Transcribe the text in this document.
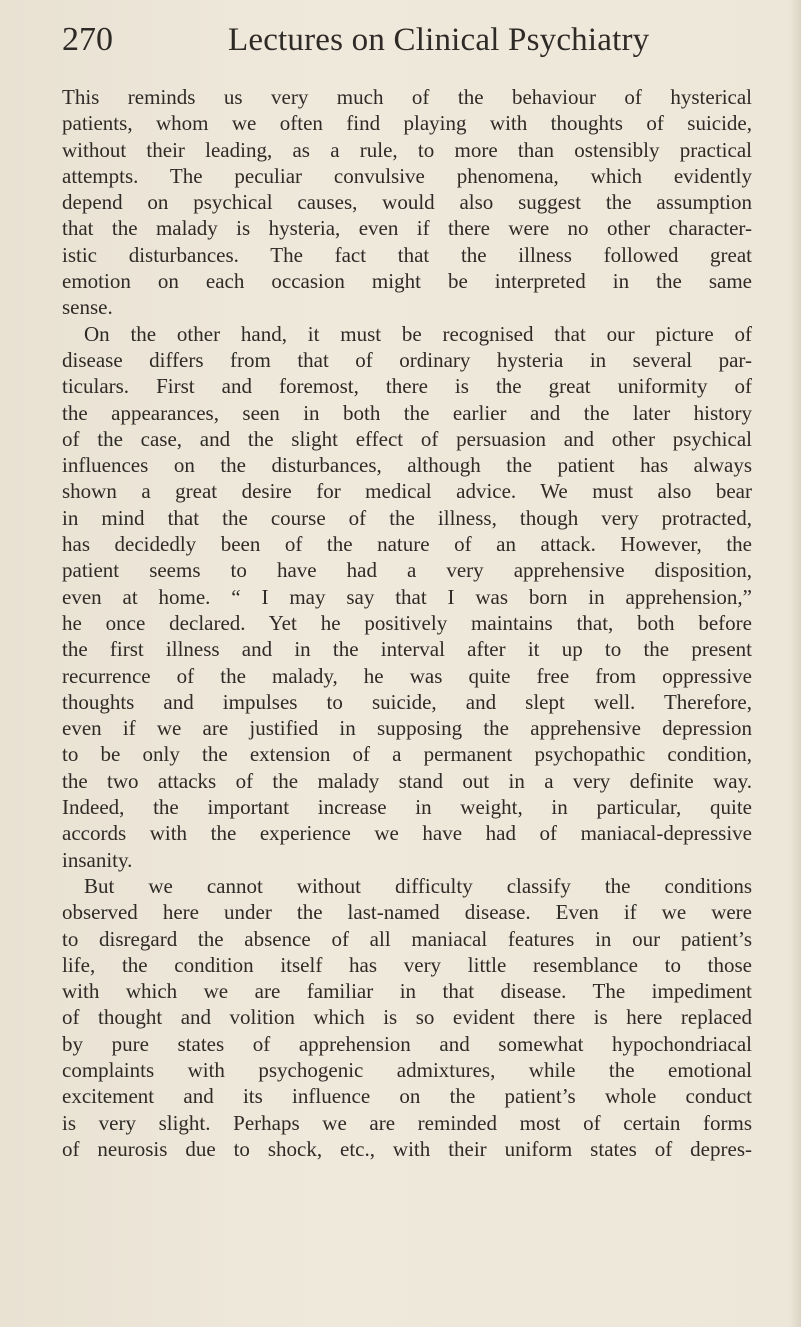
270	Lectures on Clinical Psychiatry
This reminds us very much of the behaviour of hysterical
patients, whom we often find playing with thoughts of suicide,
without their leading, as a rule, to more than ostensibly practical
attempts. The peculiar convulsive phenomena, which evidently
depend on psychical causes, would also suggest the assumption
that the malady is hysteria, even if there were no other character-
istic disturbances. The fact that the illness followed great
emotion on each occasion might be interpreted in the same
sense.
On the other hand, it must be recognised that our picture of
disease differs from that of ordinary hysteria in several par-
ticulars. First and foremost, there is the great uniformity of
the appearances, seen in both the earlier and the later history
of the case, and the slight effect of persuasion and other psychical
influences on the disturbances, although the patient has always
shown a great desire for medical advice. We must also bear
in mind that the course of the illness, though very protracted,
has decidedly been of the nature of an attack. However, the
patient seems to have had a very apprehensive disposition,
even at home. “ I may say that I was born in apprehension,”
he once declared. Yet he positively maintains that, both before
the first illness and in the interval after it up to the present
recurrence of the malady, he was quite free from oppressive
thoughts and impulses to suicide, and slept well. Therefore,
even if we are justified in supposing the apprehensive depression
to be only the extension of a permanent psychopathic condition,
the two attacks of the malady stand out in a very definite way.
Indeed, the important increase in weight, in particular, quite
accords with the experience we have had of maniacal-depressive
insanity.
But we cannot without difficulty classify the conditions
observed here under the last-named disease. Even if we were
to disregard the absence of all maniacal features in our patient’s
life, the condition itself has very little resemblance to those
with which we are familiar in that disease. The impediment
of thought and volition which is so evident there is here replaced
by pure states of apprehension and somewhat hypochondriacal
complaints with psychogenic admixtures, while the emotional
excitement and its influence on the patient’s whole conduct
is very slight. Perhaps we are reminded most of certain forms
of neurosis due to shock, etc., with their uniform states of depres-
